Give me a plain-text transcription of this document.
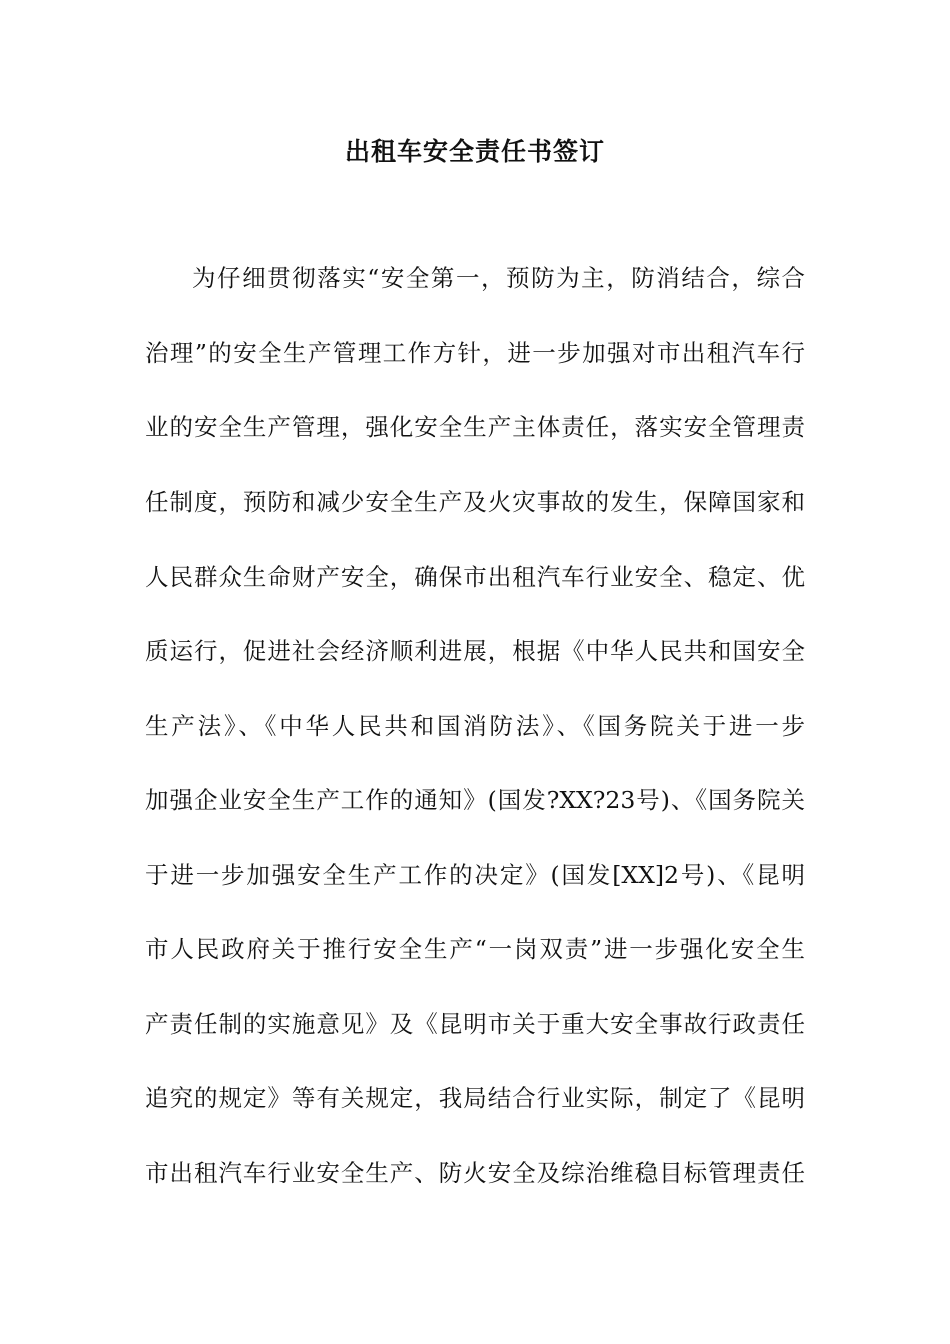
出租车安全责任书签订

为仔细贯彻落实“安全第一，预防为主，防消结合，综合

治理”的安全生产管理工作方针，进一步加强对市出租汽车行

业的安全生产管理，强化安全生产主体责任，落实安全管理责

任制度，预防和减少安全生产及火灾事故的发生，保障国家和

人民群众生命财产安全，确保市出租汽车行业安全、稳定、优

质运行，促进社会经济顺利进展，根据《中华人民共和国安全

生产法》、《中华人民共和国消防法》、《国务院关于进一步

加强企业安全生产工作的通知》(国发?XX?23号)、《国务院关

于进一步加强安全生产工作的决定》(国发[XX]2号)、《昆明

市人民政府关于推行安全生产“一岗双责”进一步强化安全生

产责任制的实施意见》及《昆明市关于重大安全事故行政责任

追究的规定》等有关规定，我局结合行业实际，制定了《昆明

市出租汽车行业安全生产、防火安全及综治维稳目标管理责任
